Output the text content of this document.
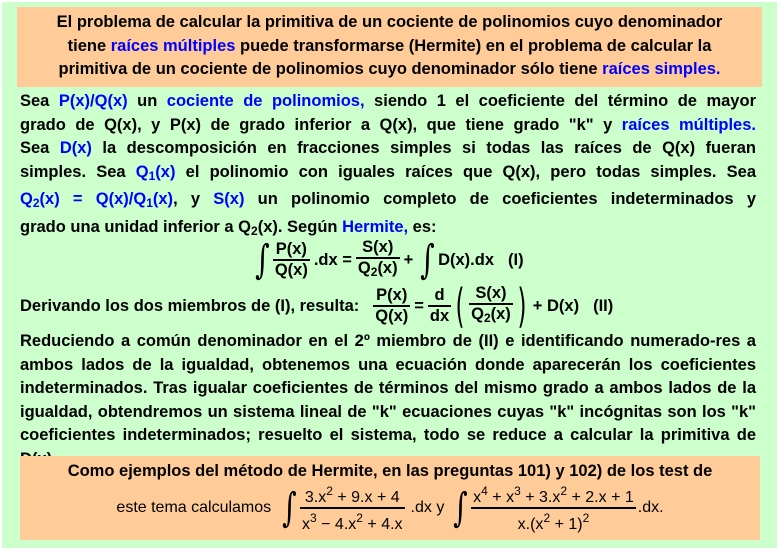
El problema de calcular la primitiva de un cociente de polinomios cuyo denominador
tiene raíces múltiples puede transformarse (Hermite) en el problema de calcular la
primitiva de un cociente de polinomios cuyo denominador sólo tiene raíces simples.
Sea P(x)/Q(x) un cociente de polinomios, siendo 1 el coeficiente del término de mayor
grado de Q(x), y P(x) de grado inferior a Q(x), que tiene grado "k" y raíces múltiples.
Sea D(x) la descomposición en fracciones simples si todas las raíces de Q(x) fueran
simples. Sea $Q_1(x)$ el polinomio con iguales raíces que Q(x), pero todas simples. Sea
$Q_2(x) = Q(x)/Q_1(x)$, y S(x) un polinomio completo de coeficientes indeterminados y
grado una unidad inferior a $Q_2(x)$. Según Hermite, es:
∫ $\frac{P(x)}{Q(x)} .dx = \frac{S(x)}{Q_2(x)}$ + ∫ D(x).dx (I)
Derivando los dos miembros de (I), resulta: $\frac{P(x)}{Q(x)} = \frac{d}{dx}$ ( $\frac{S(x)}{Q_2(x)}$ ) + D(x) (II)
Reduciendo a común denominador en el 2º miembro de (II) e identificando numerado-res a ambos lados de la igualdad, obtenemos una ecuación donde aparecerán los coeficientes indeterminados. Tras igualar coeficientes de términos del mismo grado a ambos lados de la igualdad, obtendremos un sistema lineal de "k" ecuaciones cuyas "k" incógnitas son los "k" coeficientes indeterminados; resuelto el sistema, todo se reduce a calcular la primitiva de
Como ejemplos del método de Hermite, en las preguntas 101) y 102) de los test de
este tema calculamos ∫ $\frac{3.x^2 + 9.x + 4}{x^3 - 4.x^2 + 4.x} .dx$ y ∫ $\frac{x^4 + x^3 + 3.x^2 + 2.x + 1}{x.(x^2 + 1)^2} .dx$.
